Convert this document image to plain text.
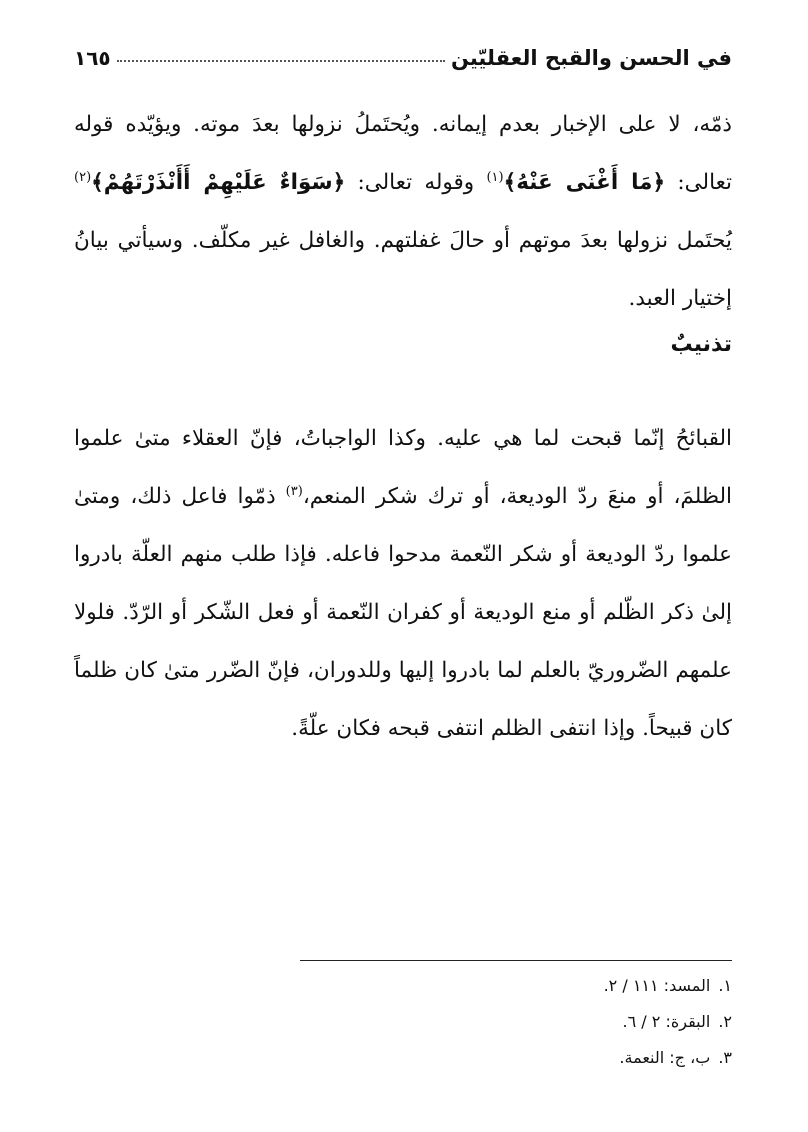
في الحسن والقبح العقليّين
١٦٥
ذمّه، لا على الإخبار بعدم إيمانه. ويُحتَملُ نزولها بعدَ موته. ويؤيّده قوله تعالى: ﴿مَا أَغْنَى عَنْهُ﴾$^{(١)}$ وقوله تعالى: ﴿سَوَاءٌ عَلَيْهِمْ أَأَنْذَرْتَهُمْ﴾$^{(٢)}$ يُحتَمل نزولها بعدَ موتهم أو حالَ غفلتهم. والغافل غير مكلّف. وسيأتي بيانُ إختيار العبد.
تذنيبٌ
القبائحُ إنّما قبحت لما هي عليه. وكذا الواجباتُ، فإنّ العقلاء متىٰ علموا الظلمَ، أو منعَ ردّ الوديعة، أو ترك شكر المنعم،$^{(٣)}$ ذمّوا فاعل ذلك، ومتىٰ علموا ردّ الوديعة أو شكر النّعمة مدحوا فاعله. فإذا طلب منهم العلّة بادروا إلىٰ ذكر الظّلم أو منع الوديعة أو كفران النّعمة أو فعل الشّكر أو الرّدّ. فلولا علمهم الضّروريّ بالعلم لما بادروا إليها وللدوران، فإنّ الضّرر متىٰ كان ظلماً كان قبيحاً. وإذا انتفى الظلم انتفى قبحه فكان علّةً.
١.المسد: ١١١ / ٢.
٢.البقرة: ٢ / ٦.
٣.ب، ج: النعمة.
